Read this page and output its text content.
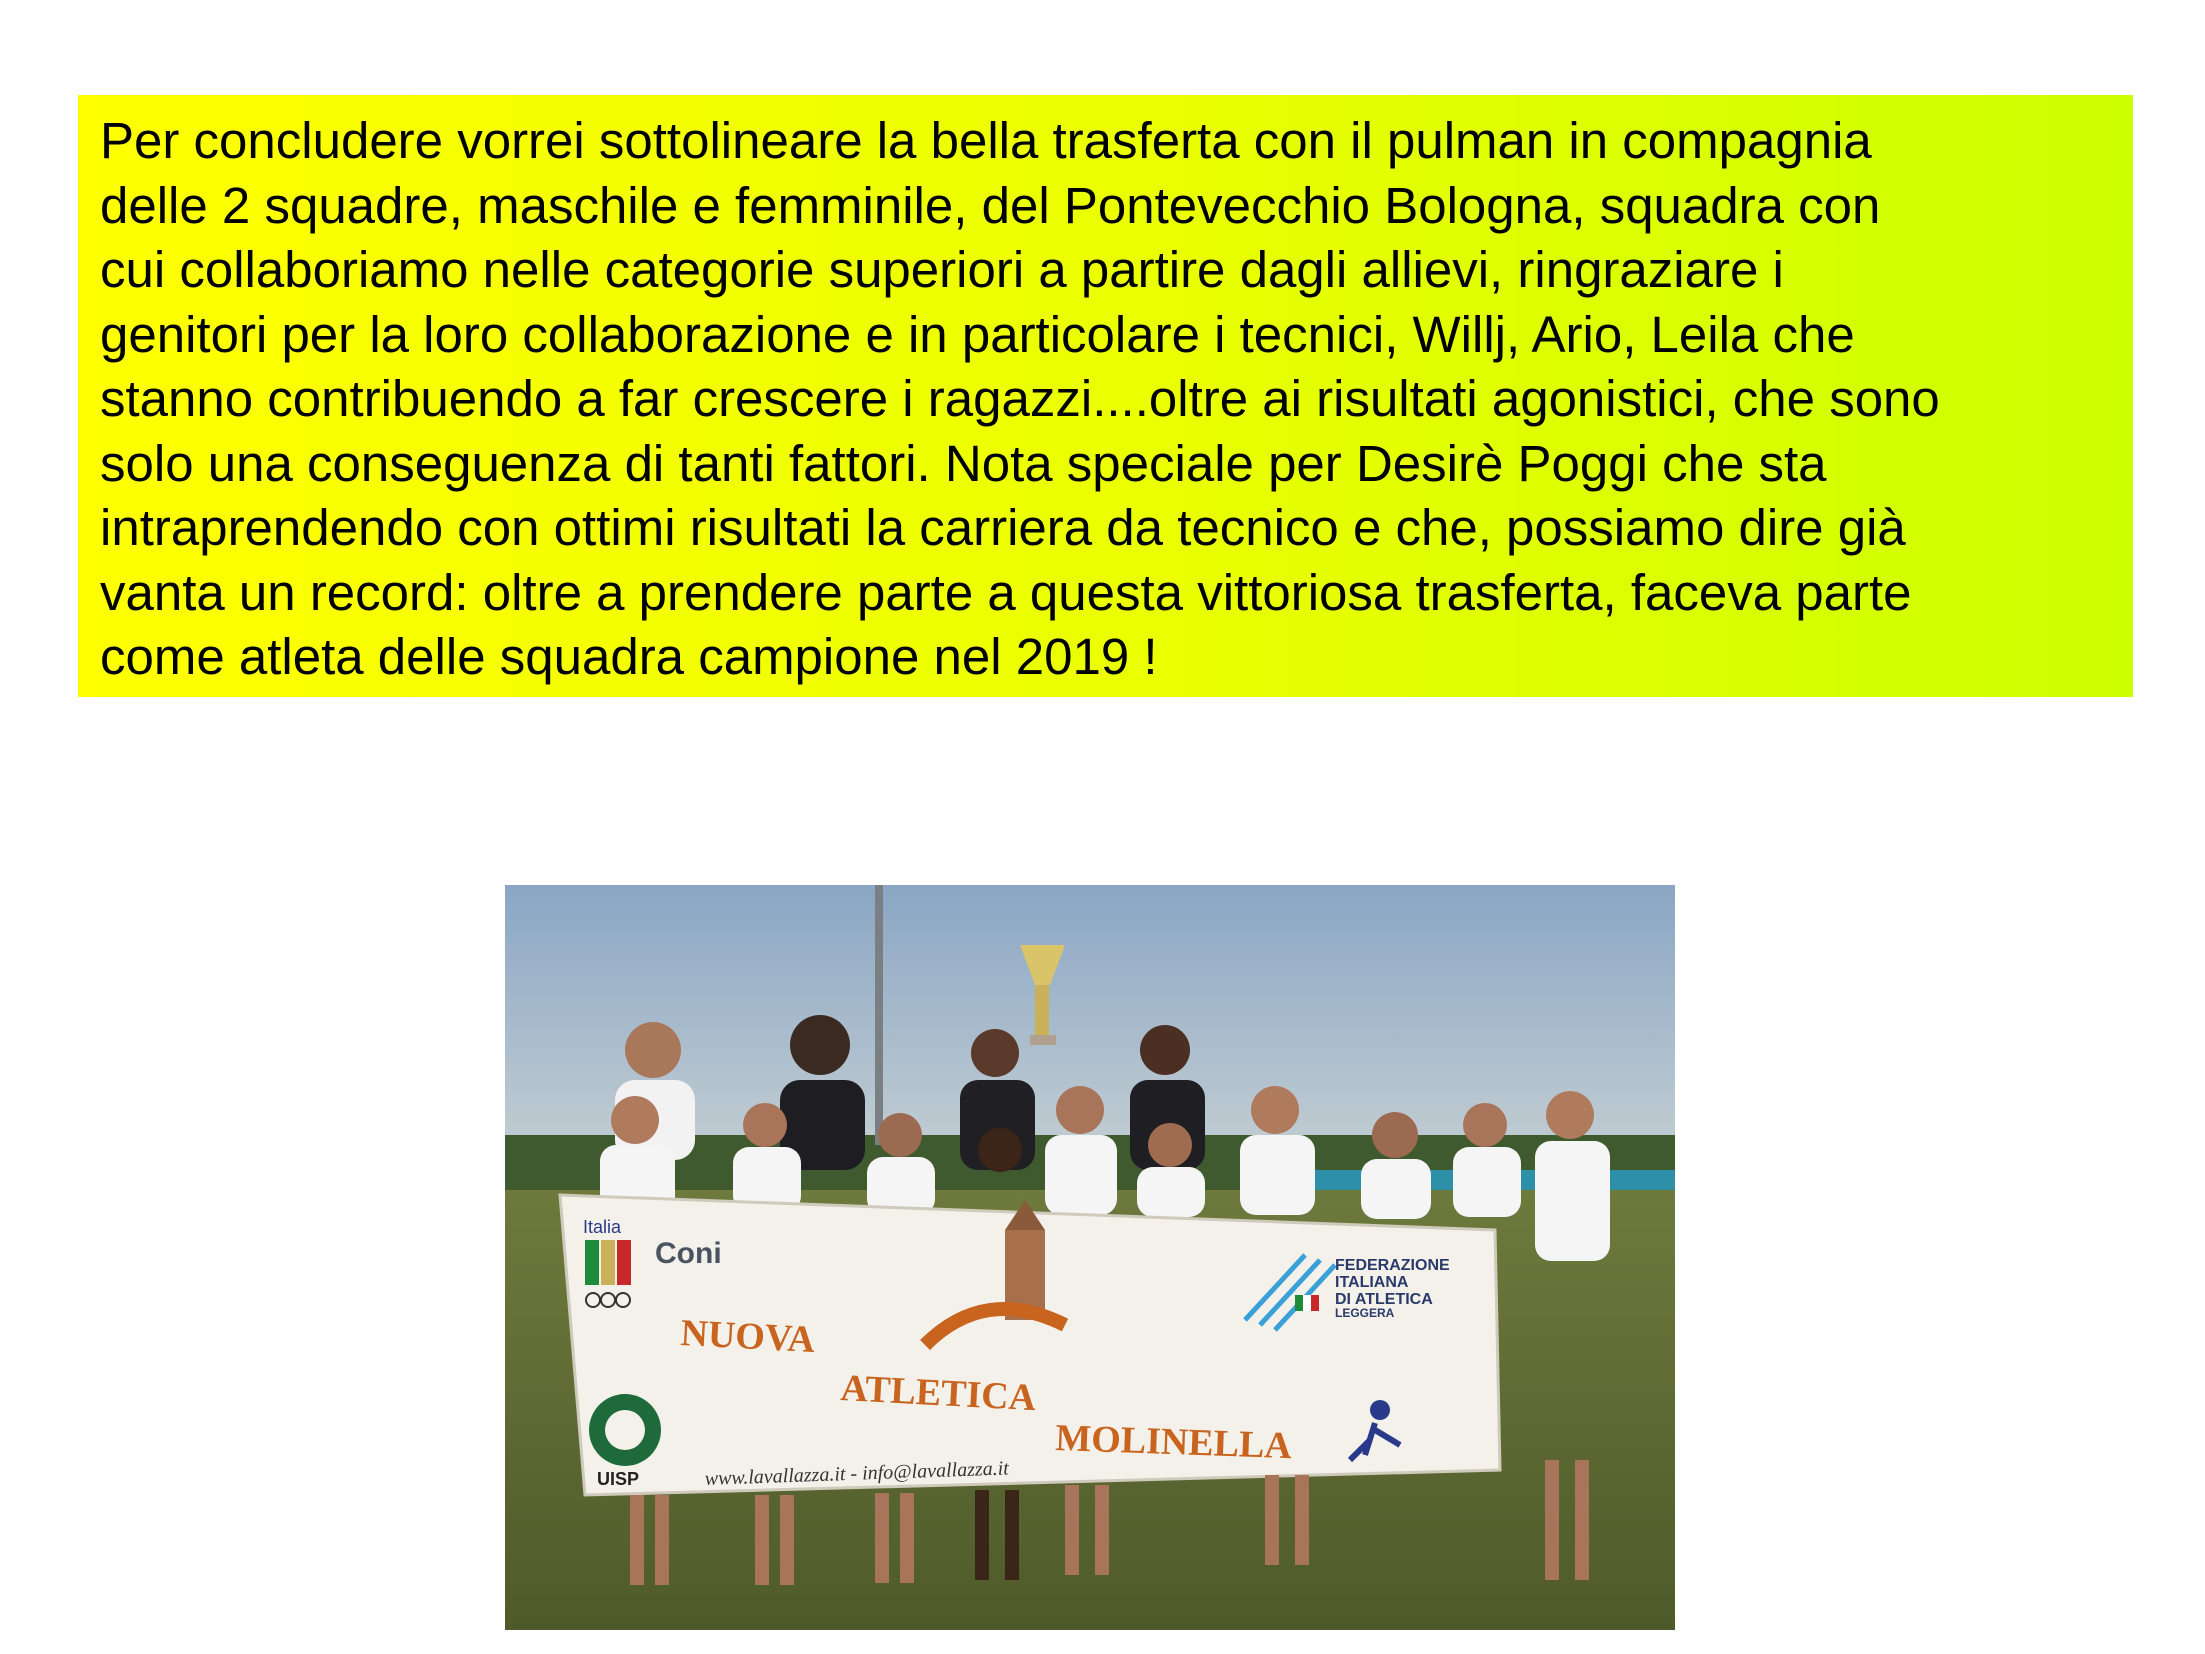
Per concludere vorrei sottolineare la bella trasferta con il pulman in compagnia
delle 2 squadre, maschile e femminile, del Pontevecchio Bologna, squadra con
cui collaboriamo nelle categorie superiori a partire dagli allievi, ringraziare i
genitori per la loro collaborazione e in particolare i tecnici, Willj, Ario, Leila che
stanno contribuendo a far crescere i ragazzi....oltre ai risultati agonistici, che sono
solo una conseguenza di tanti fattori. Nota speciale per Desirè Poggi che sta
intraprendendo con ottimi risultati la carriera da tecnico e che, possiamo dire già
vanta un record: oltre a prendere parte a questa vittoriosa trasferta, faceva parte
come atleta delle squadra campione nel 2019 !
Italia
Coni
NUOVA
ATLETICA
MOLINELLA
www.lavallazza.it - info@lavallazza.it
FEDERAZIONE
ITALIANA
DI ATLETICA
LEGGERA
UISP
